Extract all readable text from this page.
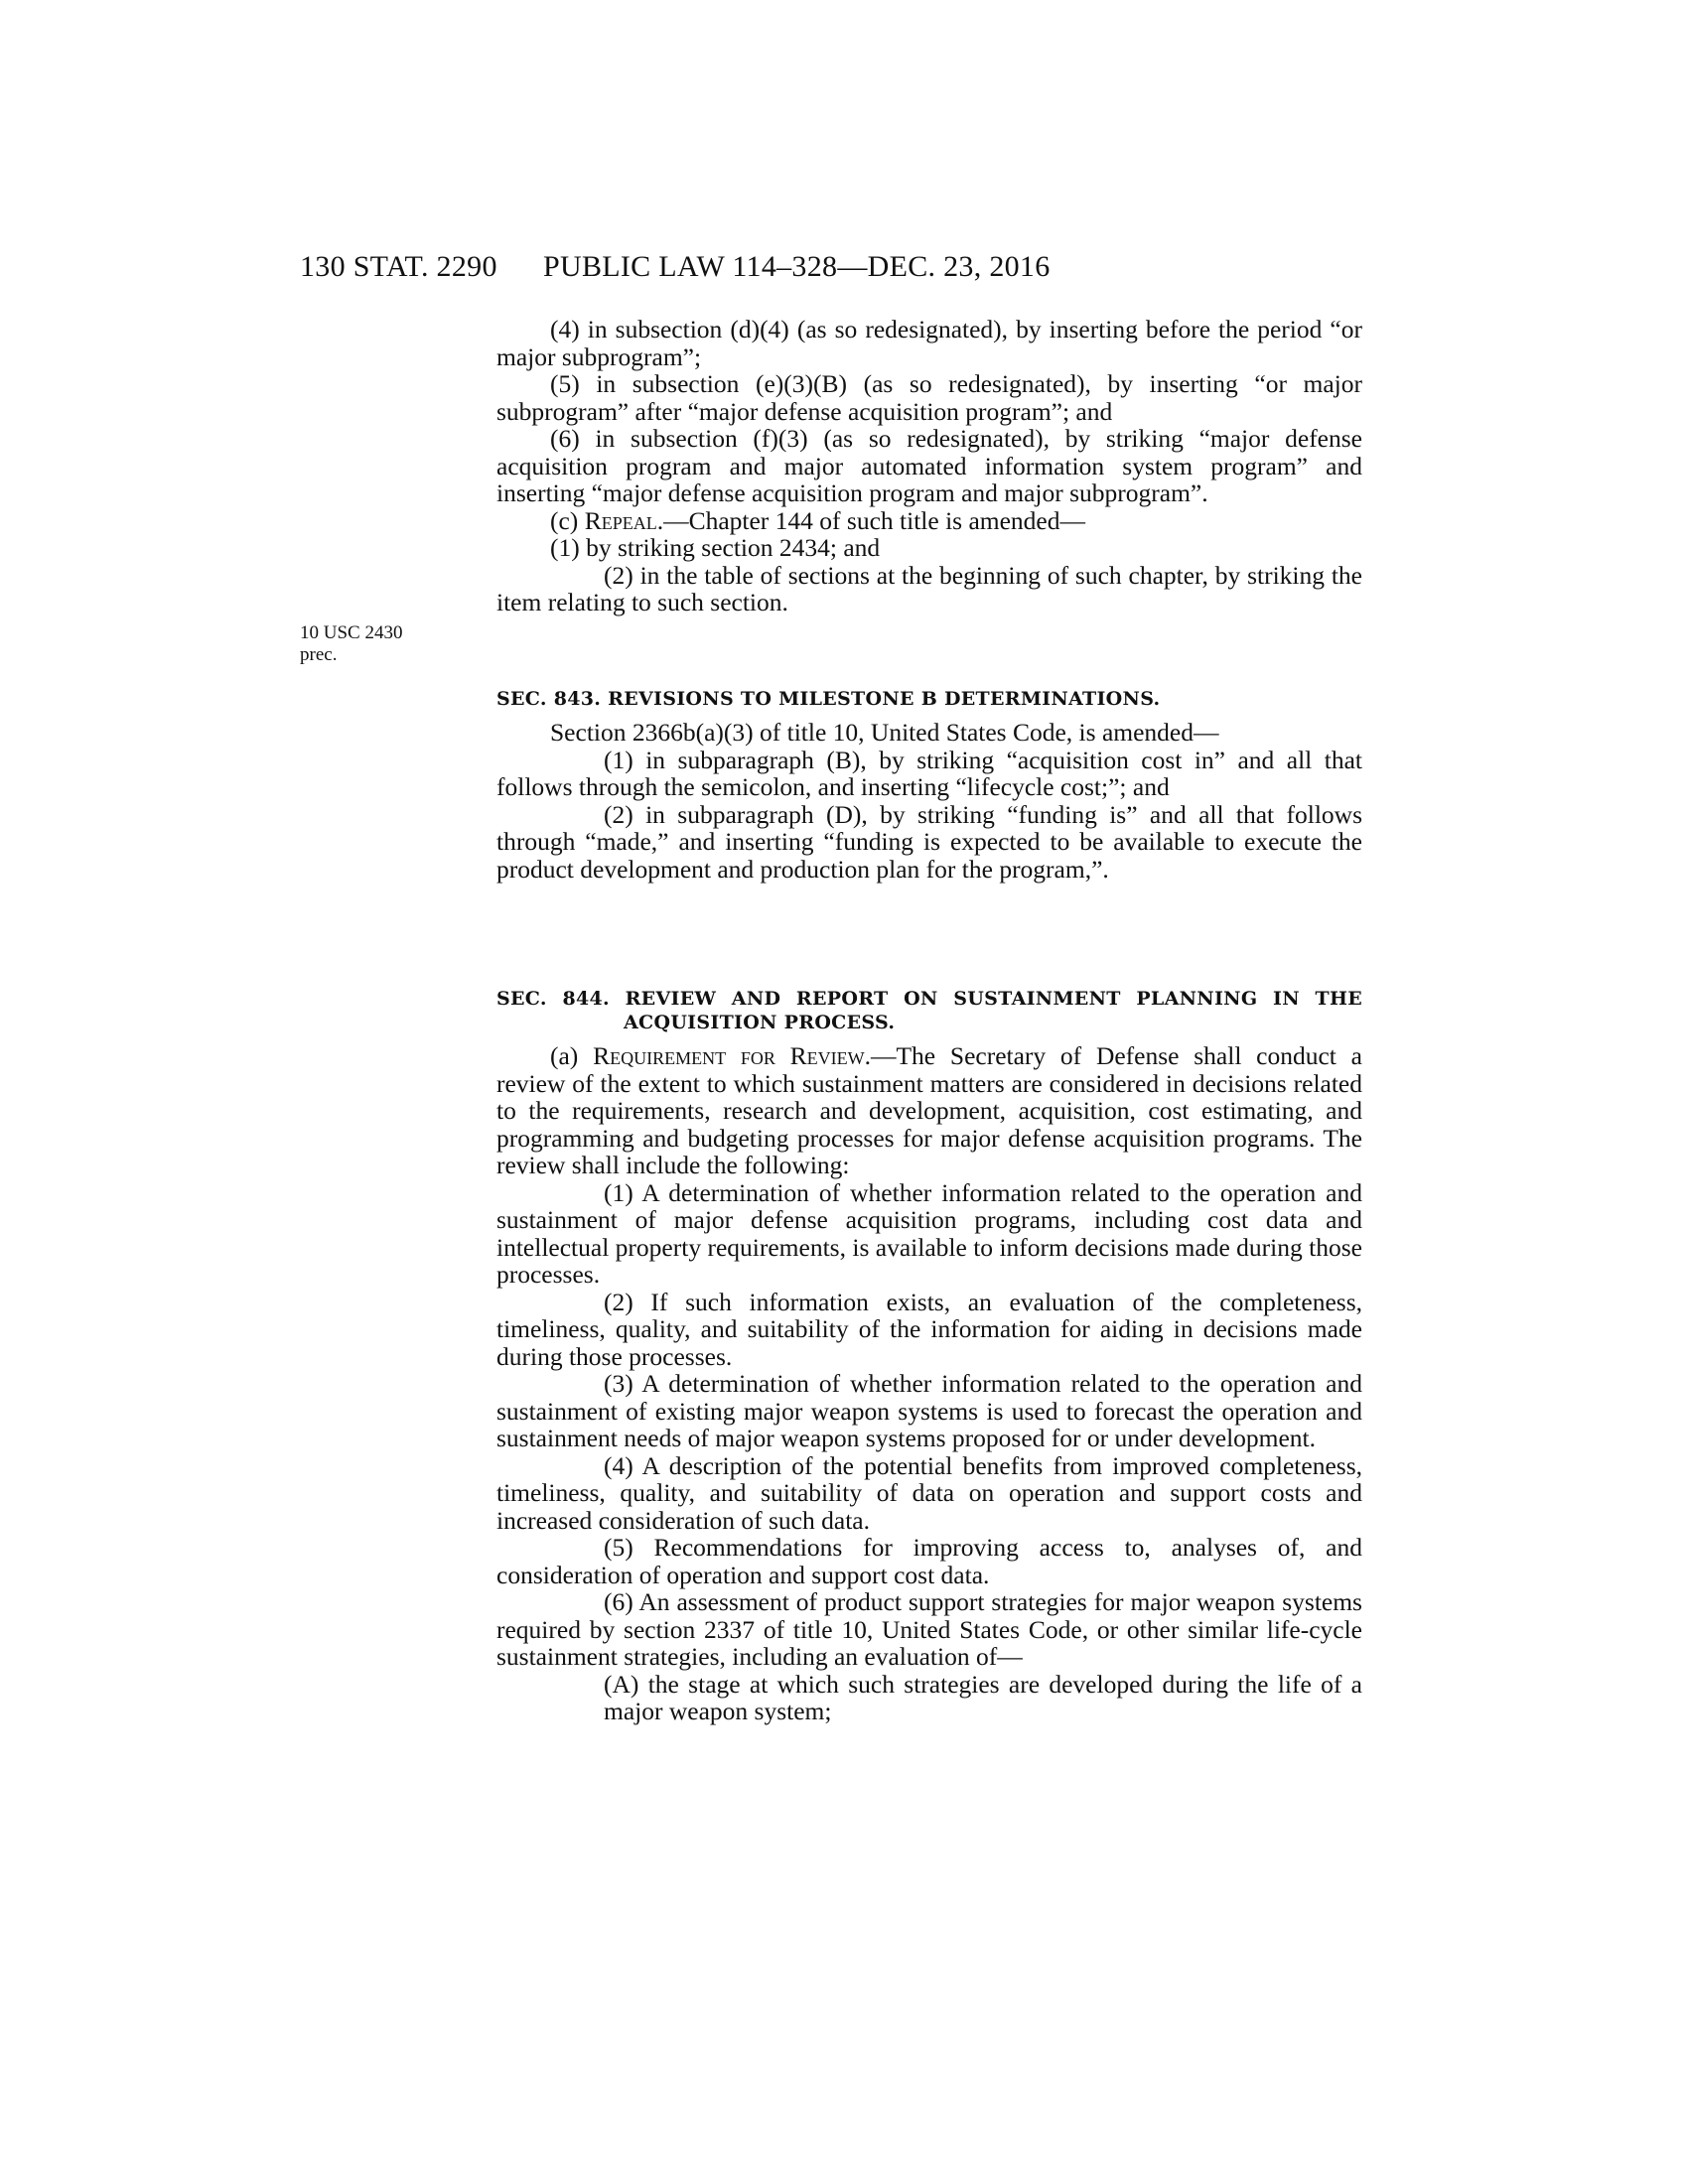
130 STAT. 2290 PUBLIC LAW 114–328—DEC. 23, 2016
10 USC 2430
prec.

(4) in subsection (d)(4) (as so redesignated), by inserting before the period “or major subprogram”;

(5) in subsection (e)(3)(B) (as so redesignated), by inserting “or major subprogram” after “major defense acquisition program”; and

(6) in subsection (f)(3) (as so redesignated), by striking “major defense acquisition program and major automated information system program” and inserting “major defense acquisition program and major subprogram”.

(c) Repeal.—Chapter 144 of such title is amended—

(1) by striking section 2434; and

(2) in the table of sections at the beginning of such chapter, by striking the item relating to such section.

SEC. 843. REVISIONS TO MILESTONE B DETERMINATIONS.

Section 2366b(a)(3) of title 10, United States Code, is amended—

(1) in subparagraph (B), by striking “acquisition cost in” and all that follows through the semicolon, and inserting “lifecycle cost;”; and

(2) in subparagraph (D), by striking “funding is” and all that follows through “made,” and inserting “funding is expected to be available to execute the product development and production plan for the program,”.

SEC. 844. REVIEW AND REPORT ON SUSTAINMENT PLANNING IN THE ACQUISITION PROCESS.

(a) Requirement for Review.—The Secretary of Defense shall conduct a review of the extent to which sustainment matters are considered in decisions related to the requirements, research and development, acquisition, cost estimating, and programming and budgeting processes for major defense acquisition programs. The review shall include the following:

(1) A determination of whether information related to the operation and sustainment of major defense acquisition programs, including cost data and intellectual property requirements, is available to inform decisions made during those processes.

(2) If such information exists, an evaluation of the completeness, timeliness, quality, and suitability of the information for aiding in decisions made during those processes.

(3) A determination of whether information related to the operation and sustainment of existing major weapon systems is used to forecast the operation and sustainment needs of major weapon systems proposed for or under development.

(4) A description of the potential benefits from improved completeness, timeliness, quality, and suitability of data on operation and support costs and increased consideration of such data.

(5) Recommendations for improving access to, analyses of, and consideration of operation and support cost data.

(6) An assessment of product support strategies for major weapon systems required by section 2337 of title 10, United States Code, or other similar life-cycle sustainment strategies, including an evaluation of—

(A) the stage at which such strategies are developed during the life of a major weapon system;
